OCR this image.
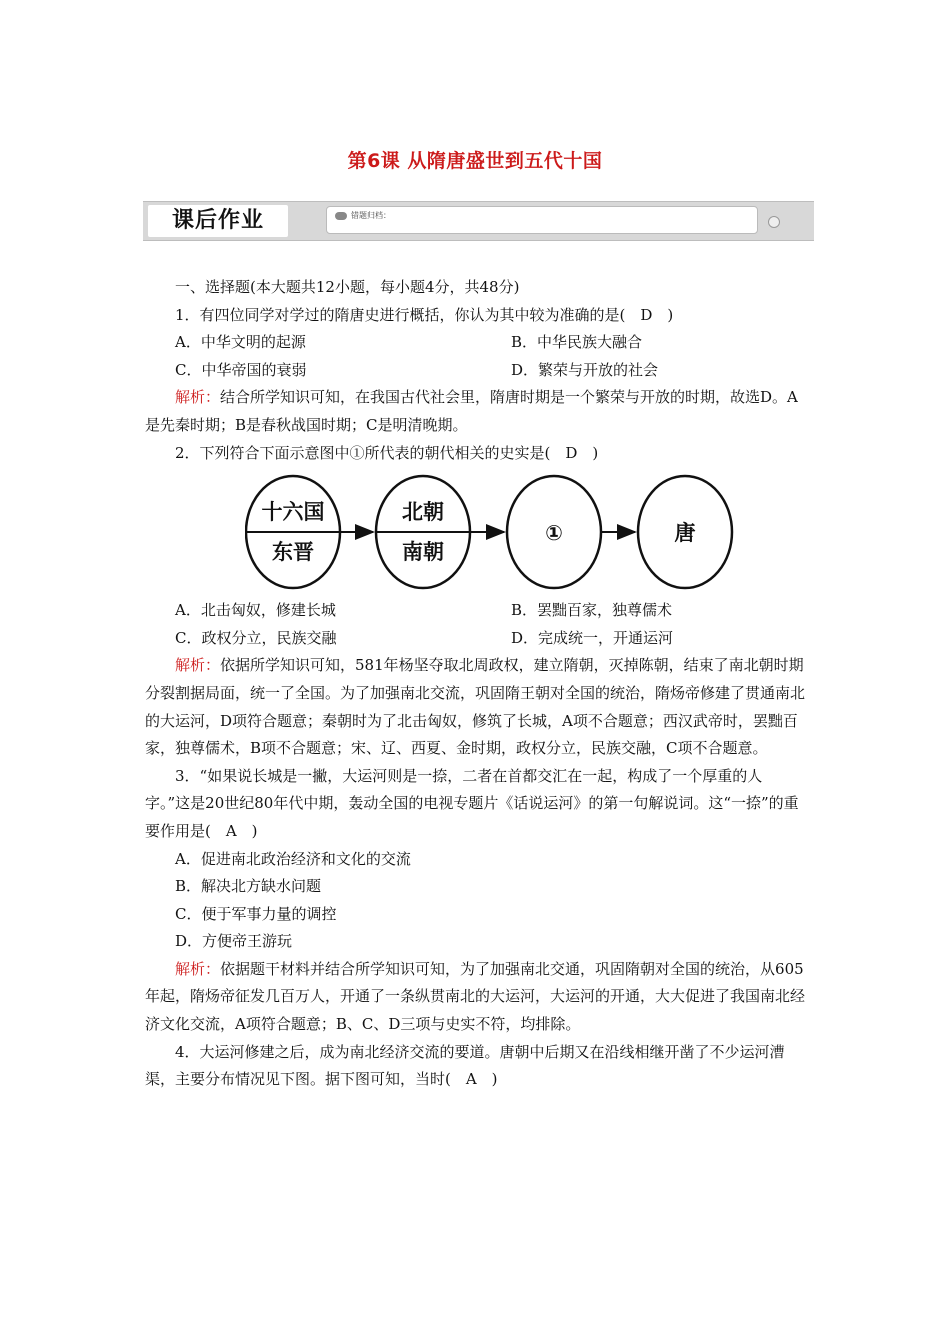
第6课 从隋唐盛世到五代十国
课后作业	错题归档：

一、选择题(本大题共12小题，每小题4分，共48分)

1．有四位同学对学过的隋唐史进行概括，你认为其中较为准确的是(　D　)

A．中华文明的起源	B．中华民族大融合
C．中华帝国的衰弱	D．繁荣与开放的社会

解析：结合所学知识可知，在我国古代社会里，隋唐时期是一个繁荣与开放的时期，故选D。A是先秦时期；B是春秋战国时期；C是明清晚期。

2．下列符合下面示意图中①所代表的朝代相关的史实是(　D　)

十六国
东晋
北朝
南朝
①	唐
A．北击匈奴，修建长城	B．罢黜百家，独尊儒术
C．政权分立，民族交融	D．完成统一，开通运河

解析：依据所学知识可知，581年杨坚夺取北周政权，建立隋朝，灭掉陈朝，结束了南北朝时期分裂割据局面，统一了全国。为了加强南北交流，巩固隋王朝对全国的统治，隋炀帝修建了贯通南北的大运河，D项符合题意；秦朝时为了北击匈奴，修筑了长城，A项不合题意；西汉武帝时，罢黜百家，独尊儒术，B项不合题意；宋、辽、西夏、金时期，政权分立，民族交融，C项不合题意。

3．“如果说长城是一撇，大运河则是一捺，二者在首都交汇在一起，构成了一个厚重的人字。”这是20世纪80年代中期，轰动全国的电视专题片《话说运河》的第一句解说词。这“一捺”的重要作用是(　A　)

A．促进南北政治经济和文化的交流

B．解决北方缺水问题

C．便于军事力量的调控

D．方便帝王游玩

解析：依据题干材料并结合所学知识可知，为了加强南北交通，巩固隋朝对全国的统治，从605年起，隋炀帝征发几百万人，开通了一条纵贯南北的大运河，大运河的开通，大大促进了我国南北经济文化交流，A项符合题意；B、C、D三项与史实不符，均排除。

4．大运河修建之后，成为南北经济交流的要道。唐朝中后期又在沿线相继开凿了不少运河漕渠，主要分布情况见下图。据下图可知，当时(　A　)
